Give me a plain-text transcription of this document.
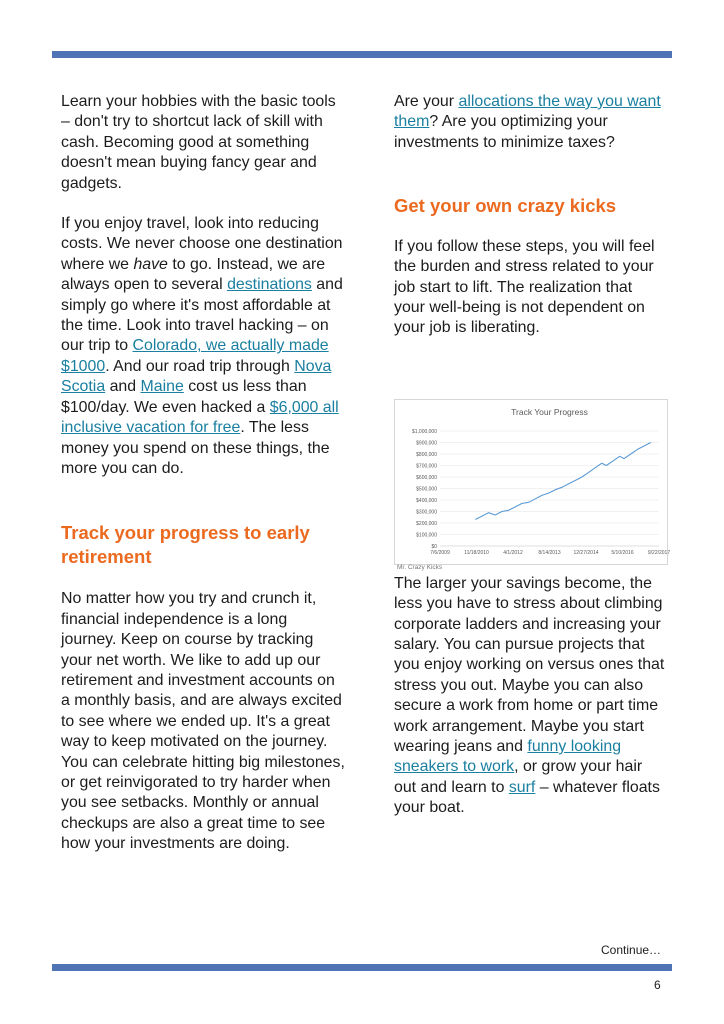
Learn your hobbies with the basic tools – don't try to shortcut lack of skill with cash. Becoming good at something doesn't mean buying fancy gear and gadgets.

If you enjoy travel, look into reducing costs. We never choose one destination where we have to go. Instead, we are always open to several destinations and simply go where it's most affordable at the time. Look into travel hacking – on our trip to Colorado, we actually made $1000. And our road trip through Nova Scotia and Maine cost us less than $100/day. We even hacked a $6,000 all inclusive vacation for free. The less money you spend on these things, the more you can do.

Track your progress to early retirement

No matter how you try and crunch it, financial independence is a long journey. Keep on course by tracking your net worth. We like to add up our retirement and investment accounts on a monthly basis, and are always excited to see where we ended up. It's a great way to keep motivated on the journey. You can celebrate hitting big milestones, or get reinvigorated to try harder when you see setbacks. Monthly or annual checkups are also a great time to see how your investments are doing.

Are your allocations the way you want them? Are you optimizing your investments to minimize taxes?

Get your own crazy kicks

If you follow these steps, you will feel the burden and stress related to your job start to lift. The realization that your well-being is not dependent on your job is liberating.

The larger your savings become, the less you have to stress about climbing corporate ladders and increasing your salary. You can pursue projects that you enjoy working on versus ones that stress you out. Maybe you can also secure a work from home or part time work arrangement. Maybe you start wearing jeans and funny looking sneakers to work, or grow your hair out and learn to surf – whatever floats your boat.

Track Your Progress
$1,000,000
$900,000
$800,000
$700,000
$600,000
$500,000
$400,000
$300,000
$200,000
$100,000
$0
7/6/2009	11/18/2010	4/1/2012	8/14/2013	12/27/2014	5/10/2016	9/22/2017
Mr. Crazy Kicks
Continue…
6
